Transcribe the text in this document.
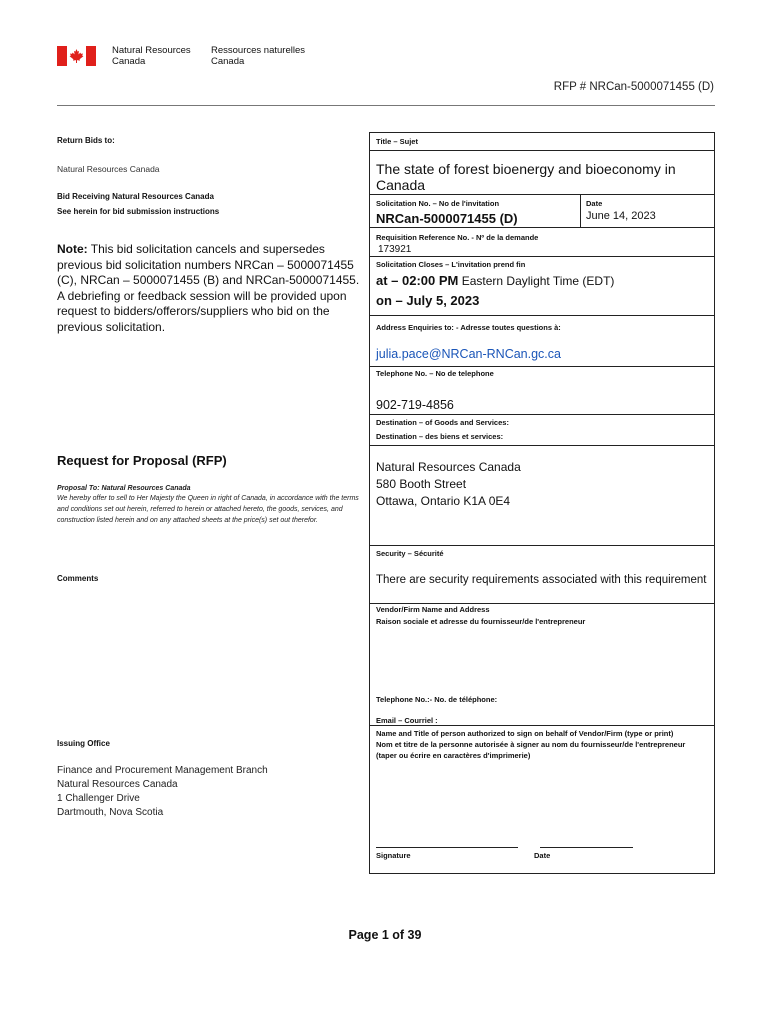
Natural Resources
Canada
Ressources naturelles
Canada
RFP # NRCan-5000071455 (D)
Return Bids to:
Natural Resources Canada
Bid Receiving Natural Resources Canada
See herein for bid submission instructions
Note: This bid solicitation cancels and supersedes previous bid solicitation numbers NRCan – 5000071455 (C), NRCan – 5000071455 (B) and NRCan-5000071455. A debriefing or feedback session will be provided upon request to bidders/offerors/suppliers who bid on the previous solicitation.
Request for Proposal (RFP)
Proposal To: Natural Resources Canada
We hereby offer to sell to Her Majesty the Queen in right of Canada, in accordance with the terms and conditions set out herein, referred to herein or attached hereto, the goods, services, and construction listed herein and on any attached sheets at the price(s) set out therefor.
Comments
Issuing Office
Finance and Procurement Management Branch
Natural Resources Canada
1 Challenger Drive
Dartmouth, Nova Scotia
Title – Sujet
The state of forest bioenergy and bioeconomy in Canada
Solicitation No. – No de l'invitation
NRCan-5000071455 (D)
Date
June 14, 2023
Requisition Reference No. - Nº de la demande
173921
Solicitation Closes – L'invitation prend fin
at – 02:00 PM Eastern Daylight Time (EDT)
on – July 5, 2023
Address Enquiries to: - Adresse toutes questions à:
julia.pace@NRCan-RNCan.gc.ca
Telephone No. – No de telephone
902-719-4856
Destination – of Goods and Services:
Destination – des biens et services:
Natural Resources Canada
580 Booth Street
Ottawa, Ontario K1A 0E4
Security – Sécurité
There are security requirements associated with this requirement
Vendor/Firm Name and Address
Raison sociale et adresse du fournisseur/de l'entrepreneur
Telephone No.:- No. de téléphone:
Email – Courriel :
Name and Title of person authorized to sign on behalf of Vendor/Firm (type or print)
Nom et titre de la personne autorisée à signer au nom du fournisseur/de l'entrepreneur
(taper ou écrire en caractères d'imprimerie)
Signature	Date
Page 1 of 39
